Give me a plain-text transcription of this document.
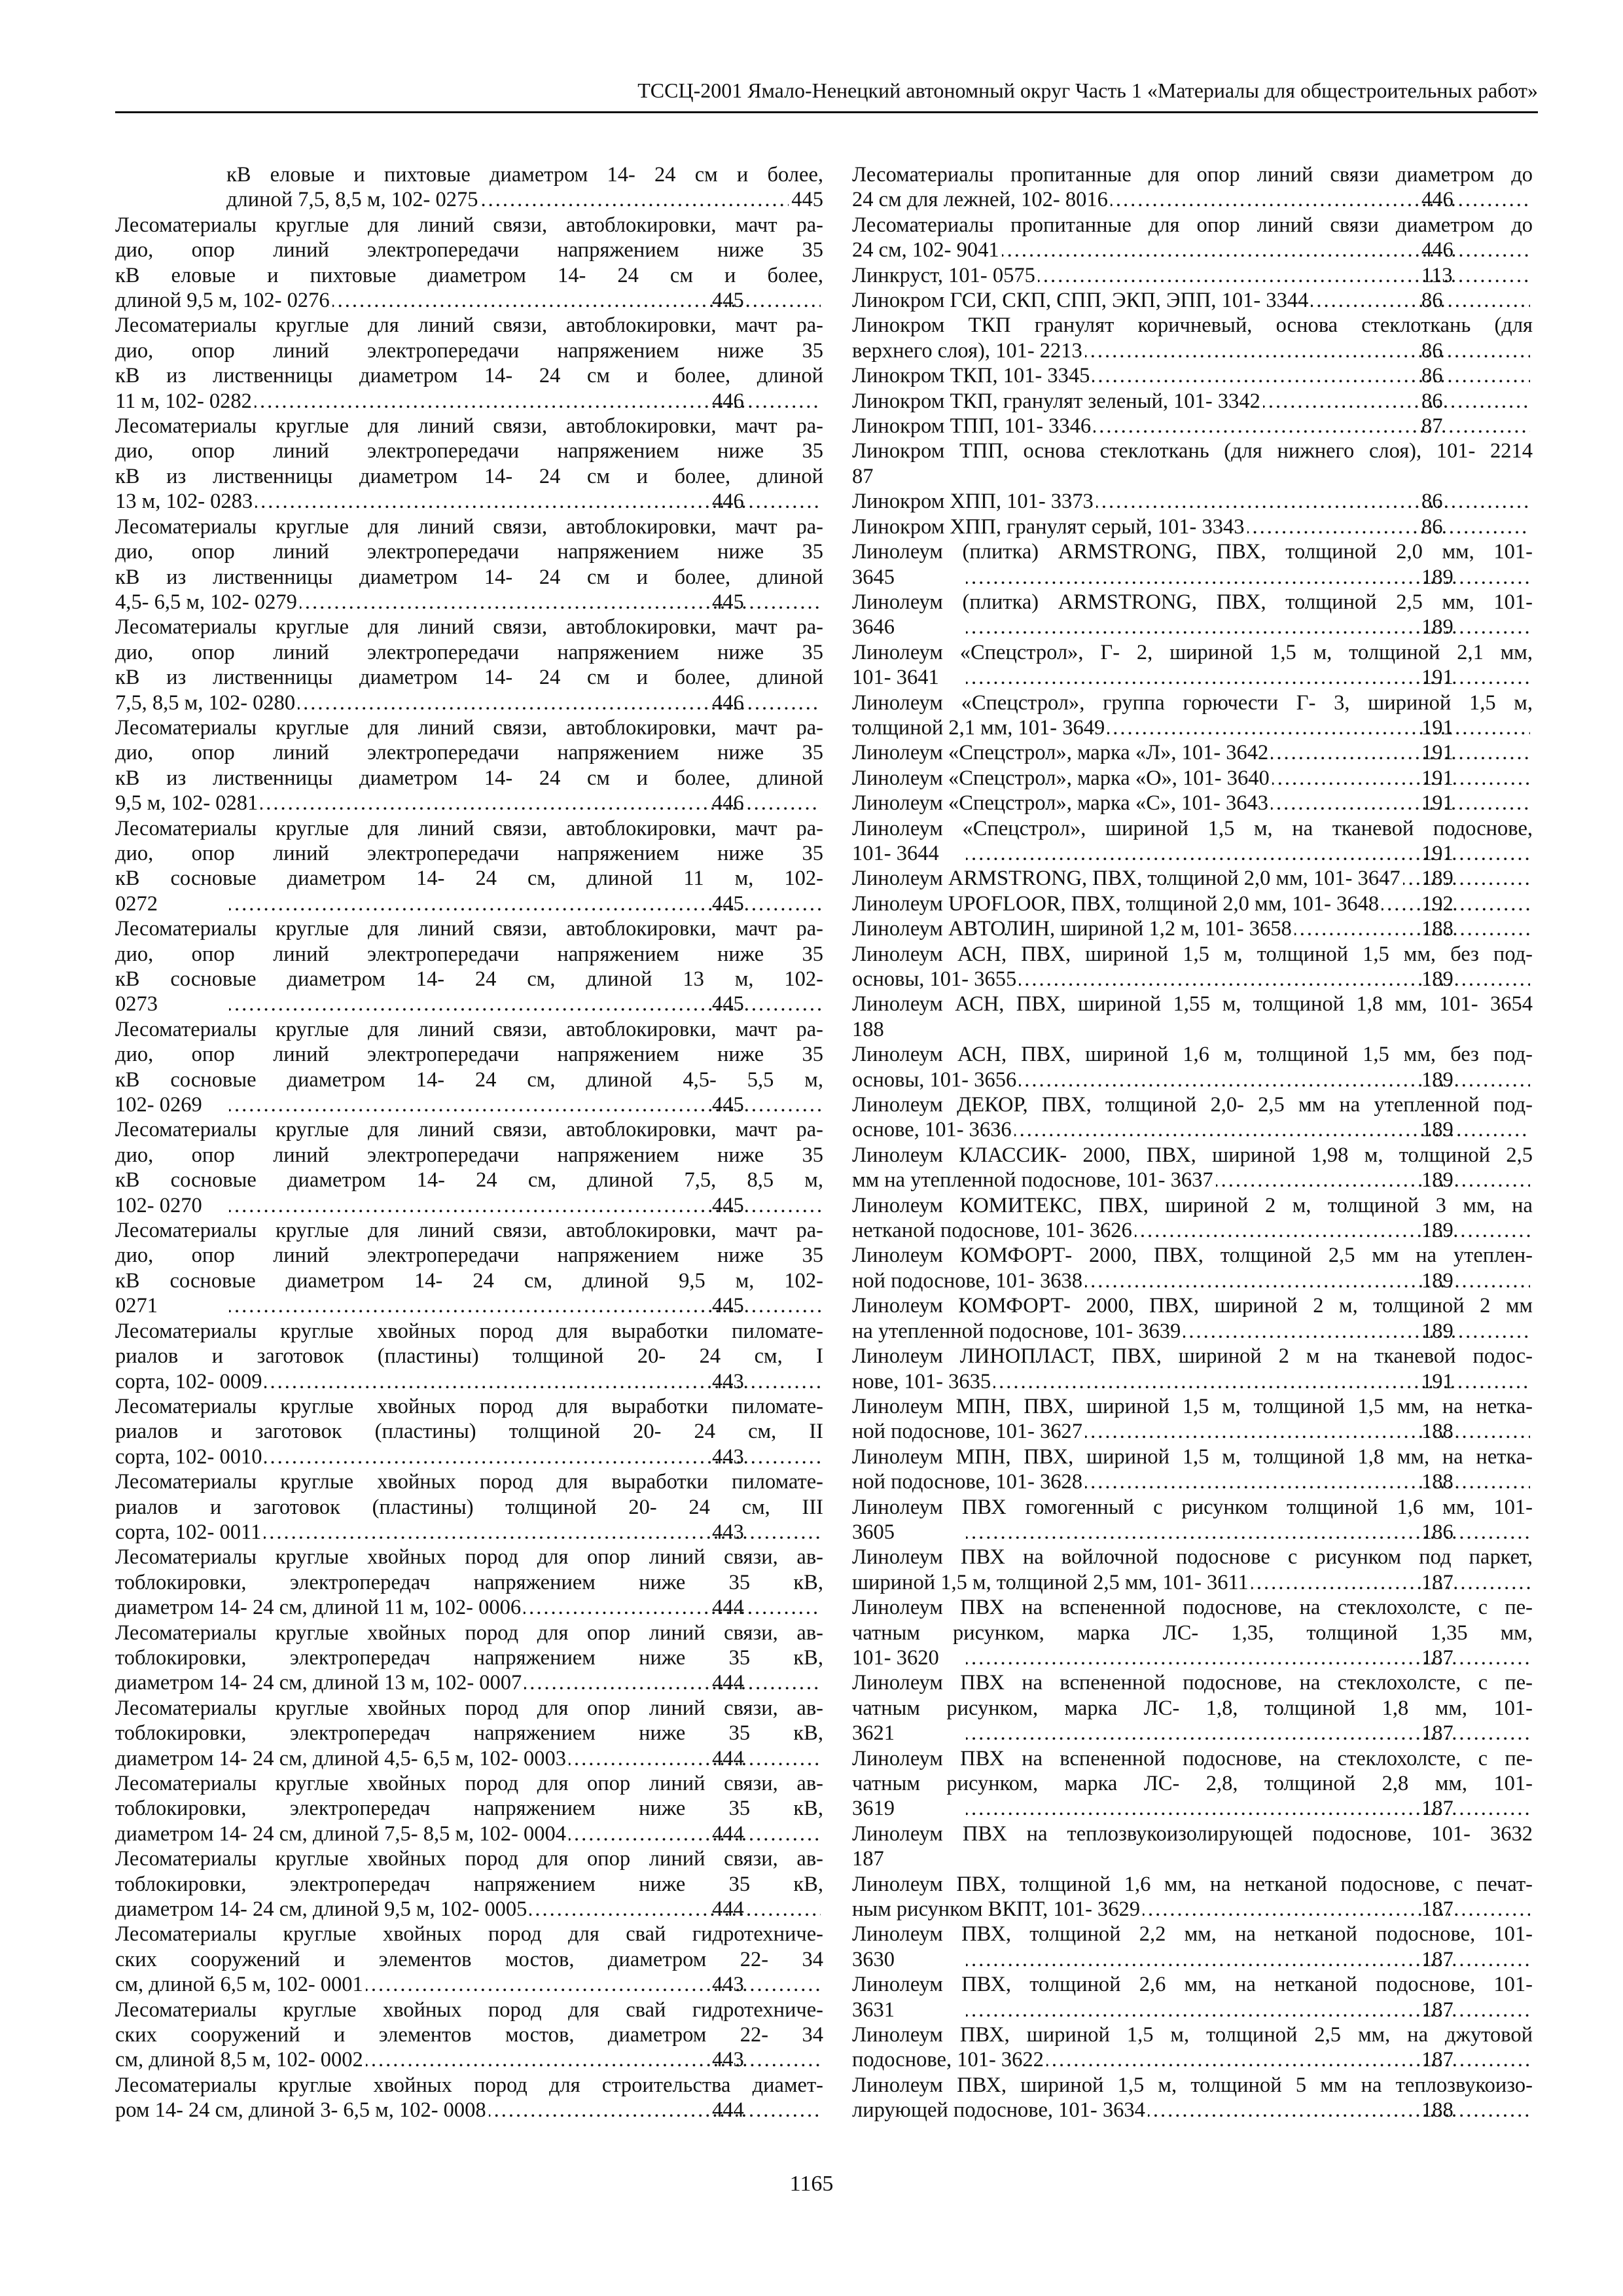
ТССЦ-2001 Ямало-Ненецкий автономный округ Часть 1 «Материалы для общестроительных работ»
кВ еловые и пихтовые диаметром 14- 24 см и более,
длиной 7,5, 8,5 м, 102- 0275 .....	445
Лесоматериалы круглые для линий связи, автоблокировки, мачт ра-
дио, опор линий электропередачи напряжением ниже 35
кВ еловые и пихтовые диаметром 14- 24 см и более,
длиной 9,5 м, 102- 0276 .....	445
Лесоматериалы круглые для линий связи, автоблокировки, мачт ра-
дио, опор линий электропередачи напряжением ниже 35
кВ из лиственницы диаметром 14- 24 см и более, длиной
11 м, 102- 0282 .....	446
Лесоматериалы круглые для линий связи, автоблокировки, мачт ра-
дио, опор линий электропередачи напряжением ниже 35
кВ из лиственницы диаметром 14- 24 см и более, длиной
13 м, 102- 0283 .....	446
Лесоматериалы круглые для линий связи, автоблокировки, мачт ра-
дио, опор линий электропередачи напряжением ниже 35
кВ из лиственницы диаметром 14- 24 см и более, длиной
4,5- 6,5 м, 102- 0279 .....	445
Лесоматериалы круглые для линий связи, автоблокировки, мачт ра-
дио, опор линий электропередачи напряжением ниже 35
кВ из лиственницы диаметром 14- 24 см и более, длиной
7,5, 8,5 м, 102- 0280 .....	446
Лесоматериалы круглые для линий связи, автоблокировки, мачт ра-
дио, опор линий электропередачи напряжением ниже 35
кВ из лиственницы диаметром 14- 24 см и более, длиной
9,5 м, 102- 0281 .....	446
Лесоматериалы круглые для линий связи, автоблокировки, мачт ра-
дио, опор линий электропередачи напряжением ниже 35
кВ сосновые диаметром 14- 24 см, длиной 11 м, 102-
0272 .....	445
Лесоматериалы круглые для линий связи, автоблокировки, мачт ра-
дио, опор линий электропередачи напряжением ниже 35
кВ сосновые диаметром 14- 24 см, длиной 13 м, 102-
0273 .....	445
Лесоматериалы круглые для линий связи, автоблокировки, мачт ра-
дио, опор линий электропередачи напряжением ниже 35
кВ сосновые диаметром 14- 24 см, длиной 4,5- 5,5 м,
102- 0269 .....	445
Лесоматериалы круглые для линий связи, автоблокировки, мачт ра-
дио, опор линий электропередачи напряжением ниже 35
кВ сосновые диаметром 14- 24 см, длиной 7,5, 8,5 м,
102- 0270 .....	445
Лесоматериалы круглые для линий связи, автоблокировки, мачт ра-
дио, опор линий электропередачи напряжением ниже 35
кВ сосновые диаметром 14- 24 см, длиной 9,5 м, 102-
0271 .....	445
Лесоматериалы круглые хвойных пород для выработки пиломате-
риалов и заготовок (пластины) толщиной 20- 24 см, I
сорта, 102- 0009 .....	443
Лесоматериалы круглые хвойных пород для выработки пиломате-
риалов и заготовок (пластины) толщиной 20- 24 см, II
сорта, 102- 0010 .....	443
Лесоматериалы круглые хвойных пород для выработки пиломате-
риалов и заготовок (пластины) толщиной 20- 24 см, III
сорта, 102- 0011 .....	443
Лесоматериалы круглые хвойных пород для опор линий связи, ав-
тоблокировки, электропередач напряжением ниже 35 кВ,
диаметром 14- 24 см, длиной 11 м, 102- 0006 .....	444
Лесоматериалы круглые хвойных пород для опор линий связи, ав-
тоблокировки, электропередач напряжением ниже 35 кВ,
диаметром 14- 24 см, длиной 13 м, 102- 0007 .....	444
Лесоматериалы круглые хвойных пород для опор линий связи, ав-
тоблокировки, электропередач напряжением ниже 35 кВ,
диаметром 14- 24 см, длиной 4,5- 6,5 м, 102- 0003 .....	444
Лесоматериалы круглые хвойных пород для опор линий связи, ав-
тоблокировки, электропередач напряжением ниже 35 кВ,
диаметром 14- 24 см, длиной 7,5- 8,5 м, 102- 0004 .....	444
Лесоматериалы круглые хвойных пород для опор линий связи, ав-
тоблокировки, электропередач напряжением ниже 35 кВ,
диаметром 14- 24 см, длиной 9,5 м, 102- 0005 .....	444
Лесоматериалы круглые хвойных пород для свай гидротехниче-
ских сооружений и элементов мостов, диаметром 22- 34
см, длиной 6,5 м, 102- 0001 .....	443
Лесоматериалы круглые хвойных пород для свай гидротехниче-
ских сооружений и элементов мостов, диаметром 22- 34
см, длиной 8,5 м, 102- 0002 .....	443
Лесоматериалы круглые хвойных пород для строительства диамет-
ром 14- 24 см, длиной 3- 6,5 м, 102- 0008 .....	444
Лесоматериалы пропитанные для опор линий связи диаметром до
24 см для лежней, 102- 8016 .....	446
Лесоматериалы пропитанные для опор линий связи диаметром до
24 см, 102- 9041 .....	446
Линкруст, 101- 0575 .....	113
Линокром ГСИ, СКП, СПП, ЭКП, ЭПП, 101- 3344 .....	86
Линокром ТКП гранулят коричневый, основа стеклоткань (для
верхнего слоя), 101- 2213 .....	86
Линокром ТКП, 101- 3345 .....	86
Линокром ТКП, гранулят зеленый, 101- 3342 .....	86
Линокром ТПП, 101- 3346 .....	87
Линокром ТПП, основа стеклоткань (для нижнего слоя), 101- 2214
87
Линокром ХПП, 101- 3373 .....	86
Линокром ХПП, гранулят серый, 101- 3343 .....	86
Линолеум (плитка) ARMSTRONG, ПВХ, толщиной 2,0 мм, 101-
3645 .....	189
Линолеум (плитка) ARMSTRONG, ПВХ, толщиной 2,5 мм, 101-
3646 .....	189
Линолеум «Спецстрол», Г- 2, шириной 1,5 м, толщиной 2,1 мм,
101- 3641 .....	191
Линолеум «Спецстрол», группа горючести Г- 3, шириной 1,5 м,
толщиной 2,1 мм, 101- 3649 .....	191
Линолеум «Спецстрол», марка «Л», 101- 3642 .....	191
Линолеум «Спецстрол», марка «О», 101- 3640 .....	191
Линолеум «Спецстрол», марка «С», 101- 3643 .....	191
Линолеум «Спецстрол», шириной 1,5 м, на тканевой подоснове,
101- 3644 .....	191
Линолеум ARMSTRONG, ПВХ, толщиной 2,0 мм, 101- 3647 ..... 189
Линолеум UPOFLOOR, ПВХ, толщиной 2,0 мм, 101- 3648 ..... 192
Линолеум АВТОЛИН, шириной 1,2 м, 101- 3658 .....	188
Линолеум АСН, ПВХ, шириной 1,5 м, толщиной 1,5 мм, без под-
основы, 101- 3655 .....	189
Линолеум АСН, ПВХ, шириной 1,55 м, толщиной 1,8 мм, 101- 3654
188
Линолеум АСН, ПВХ, шириной 1,6 м, толщиной 1,5 мм, без под-
основы, 101- 3656 .....	189
Линолеум ДЕКОР, ПВХ, толщиной 2,0- 2,5 мм на утепленной под-
основе, 101- 3636 .....	189
Линолеум КЛАССИК- 2000, ПВХ, шириной 1,98 м, толщиной 2,5
мм на утепленной подоснове, 101- 3637 .....	189
Линолеум КОМИТЕКС, ПВХ, шириной 2 м, толщиной 3 мм, на
нетканой подоснове, 101- 3626 .....	189
Линолеум КОМФОРТ- 2000, ПВХ, толщиной 2,5 мм на утеплен-
ной подоснове, 101- 3638 .....	189
Линолеум КОМФОРТ- 2000, ПВХ, шириной 2 м, толщиной 2 мм
на утепленной подоснове, 101- 3639 .....	189
Линолеум ЛИНОПЛАСТ, ПВХ, шириной 2 м на тканевой подос-
нове, 101- 3635 .....	191
Линолеум МПН, ПВХ, шириной 1,5 м, толщиной 1,5 мм, на нетка-
ной подоснове, 101- 3627 .....	188
Линолеум МПН, ПВХ, шириной 1,5 м, толщиной 1,8 мм, на нетка-
ной подоснове, 101- 3628 .....	188
Линолеум ПВХ гомогенный с рисунком толщиной 1,6 мм, 101-
3605 .....	186
Линолеум ПВХ на войлочной подоснове с рисунком под паркет,
шириной 1,5 м, толщиной 2,5 мм, 101- 3611 .....	187
Линолеум ПВХ на вспененной подоснове, на стеклохолсте, с пе-
чатным рисунком, марка ЛС- 1,35, толщиной 1,35 мм,
101- 3620 .....	187
Линолеум ПВХ на вспененной подоснове, на стеклохолсте, с пе-
чатным рисунком, марка ЛС- 1,8, толщиной 1,8 мм, 101-
3621 .....	187
Линолеум ПВХ на вспененной подоснове, на стеклохолсте, с пе-
чатным рисунком, марка ЛС- 2,8, толщиной 2,8 мм, 101-
3619 .....	187
Линолеум ПВХ на теплозвукоизолирующей подоснове, 101- 3632
187
Линолеум ПВХ, толщиной 1,6 мм, на нетканой подоснове, с печат-
ным рисунком ВКПТ, 101- 3629 .....	187
Линолеум ПВХ, толщиной 2,2 мм, на нетканой подоснове, 101-
3630 .....	187
Линолеум ПВХ, толщиной 2,6 мм, на нетканой подоснове, 101-
3631 .....	187
Линолеум ПВХ, шириной 1,5 м, толщиной 2,5 мм, на джутовой
подоснове, 101- 3622 .....	187
Линолеум ПВХ, шириной 1,5 м, толщиной 5 мм на теплозвукоизо-
лирующей подоснове, 101- 3634 .....	188
1165
